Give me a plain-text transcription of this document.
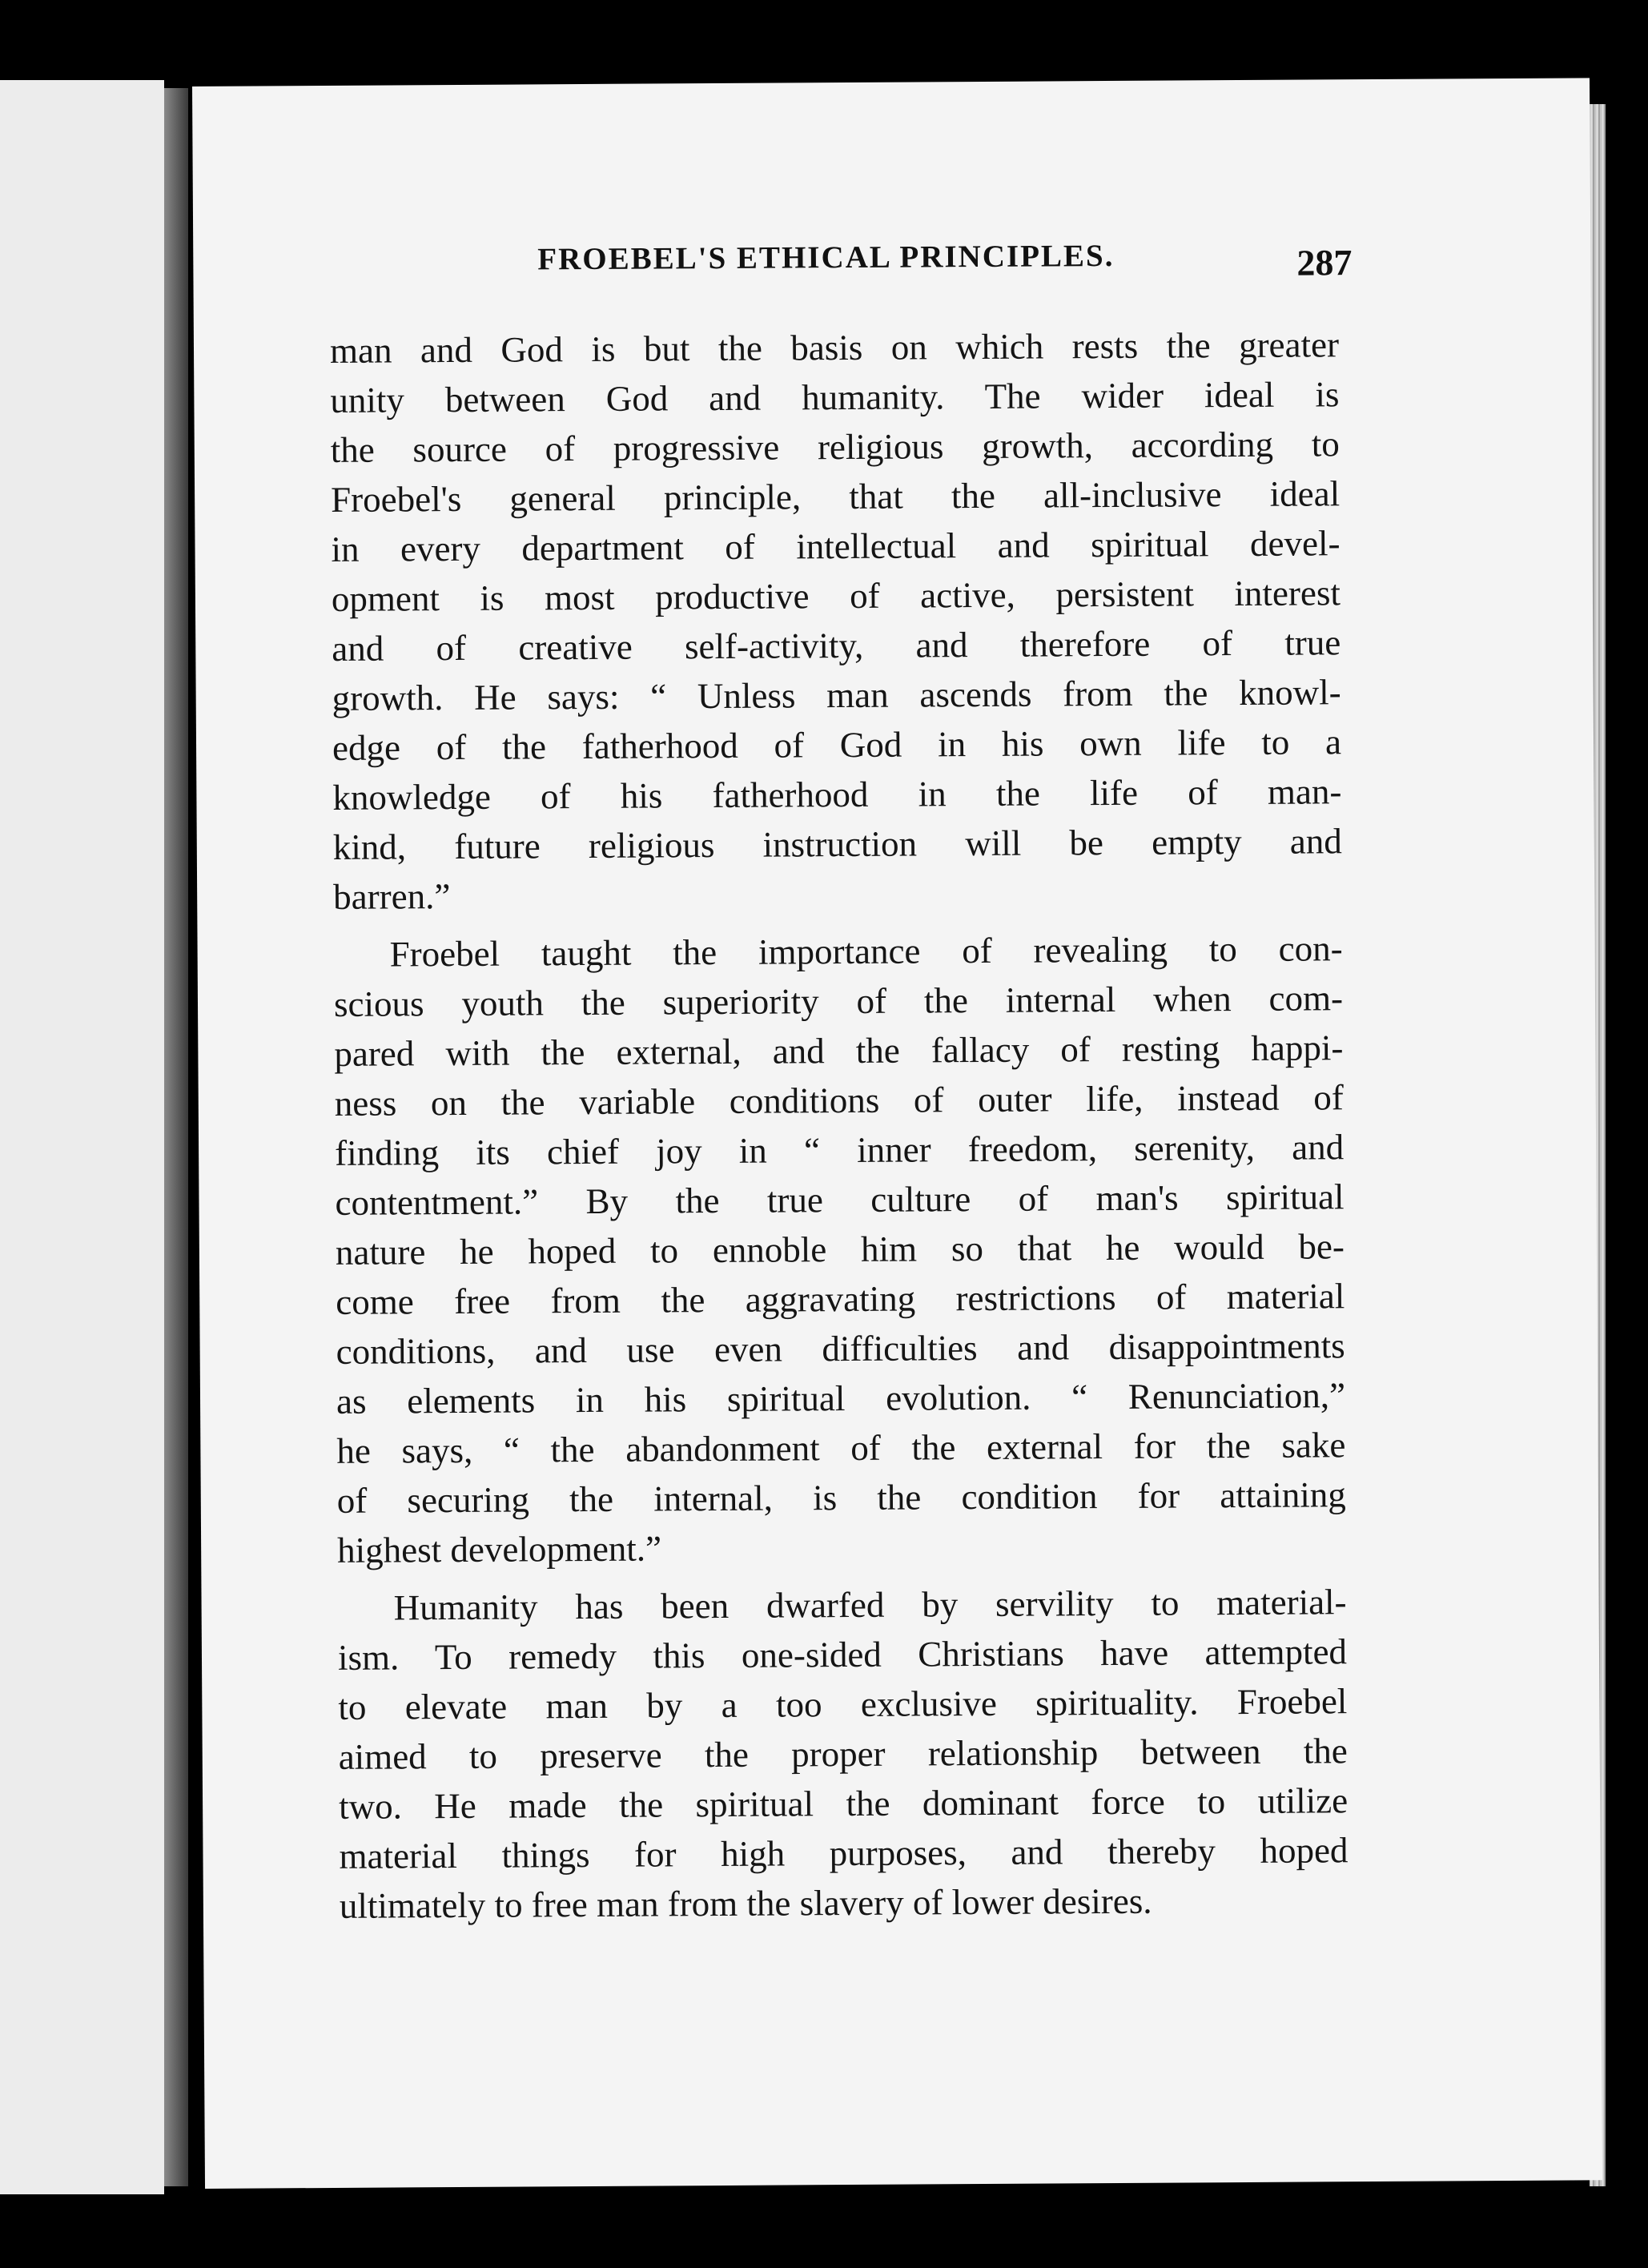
FROEBEL'S ETHICAL PRINCIPLES.	287
man and God is but the basis on which rests the greater
unity between God and humanity. The wider ideal is
the source of progressive religious growth, according to
Froebel's general principle, that the all-inclusive ideal
in every department of intellectual and spiritual devel-
opment is most productive of active, persistent interest
and of creative self-activity, and therefore of true
growth. He says: “ Unless man ascends from the knowl-
edge of the fatherhood of God in his own life to a
knowledge of his fatherhood in the life of man-
kind, future religious instruction will be empty and
barren.”
Froebel taught the importance of revealing to con-
scious youth the superiority of the internal when com-
pared with the external, and the fallacy of resting happi-
ness on the variable conditions of outer life, instead of
finding its chief joy in “ inner freedom, serenity, and
contentment.” By the true culture of man's spiritual
nature he hoped to ennoble him so that he would be-
come free from the aggravating restrictions of material
conditions, and use even difficulties and disappointments
as elements in his spiritual evolution. “ Renunciation,”
he says, “ the abandonment of the external for the sake
of securing the internal, is the condition for attaining
highest development.”
Humanity has been dwarfed by servility to material-
ism. To remedy this one-sided Christians have attempted
to elevate man by a too exclusive spirituality. Froebel
aimed to preserve the proper relationship between the
two. He made the spiritual the dominant force to utilize
material things for high purposes, and thereby hoped
ultimately to free man from the slavery of lower desires.
